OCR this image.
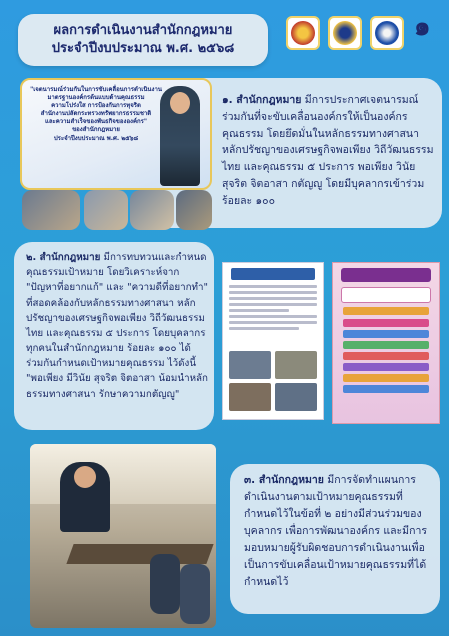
ผลการดำเนินงานสำนักกฎหมาย
ประจำปีงบประมาณ พ.ศ. ๒๕๖๘
๑
"เจตนารมณ์ร่วมกันในการขับเคลื่อนการดำเนินงาน
มาตรฐานองค์กรต้นแบบด้านคุณธรรม
ความโปร่งใส การป้องกันการทุจริต
สำนักงานปลัดกระทรวงทรัพยากรธรรมชาติ
และความสำเร็จของพันธกิจขององค์กร"
ของสำนักกฎหมาย
ประจำปีงบประมาณ พ.ศ. ๒๕๖๘
๑. สำนักกฎหมาย มีการประกาศเจตนารมณ์ร่วมกันที่จะขับเคลื่อนองค์กรให้เป็นองค์กรคุณธรรม โดยยึดมั่นในหลักธรรมทางศาสนา หลักปรัชญาของเศรษฐกิจพอเพียง วิถีวัฒนธรรมไทย และคุณธรรม ๕ ประการ พอเพียง วินัย สุจริต จิตอาสา กตัญญู โดยมีบุคลากรเข้าร่วมร้อยละ ๑๐๐
๒. สำนักกฎหมาย มีการทบทวนและกำหนดคุณธรรมเป้าหมาย โดยวิเคราะห์จาก "ปัญหาที่อยากแก้" และ "ความดีที่อยากทำ" ที่สอดคล้องกับหลักธรรมทางศาสนา หลักปรัชญาของเศรษฐกิจพอเพียง วิถีวัฒนธรรมไทย และคุณธรรม ๕ ประการ โดยบุคลากรทุกคนในสำนักกฎหมาย ร้อยละ ๑๐๐ ได้ร่วมกันกำหนดเป้าหมายคุณธรรม ไว้ดังนี้ "พอเพียง มีวินัย สุจริต จิตอาสา น้อมนำหลักธรรมทางศาสนา รักษาความกตัญญู"
๓. สำนักกฎหมาย มีการจัดทำแผนการดำเนินงานตามเป้าหมายคุณธรรมที่กำหนดไว้ในข้อที่ ๒ อย่างมีส่วนร่วมของบุคลากร เพื่อการพัฒนาองค์กร และมีการมอบหมายผู้รับผิดชอบการดำเนินงานเพื่อเป็นการขับเคลื่อนเป้าหมายคุณธรรมที่ได้กำหนดไว้
